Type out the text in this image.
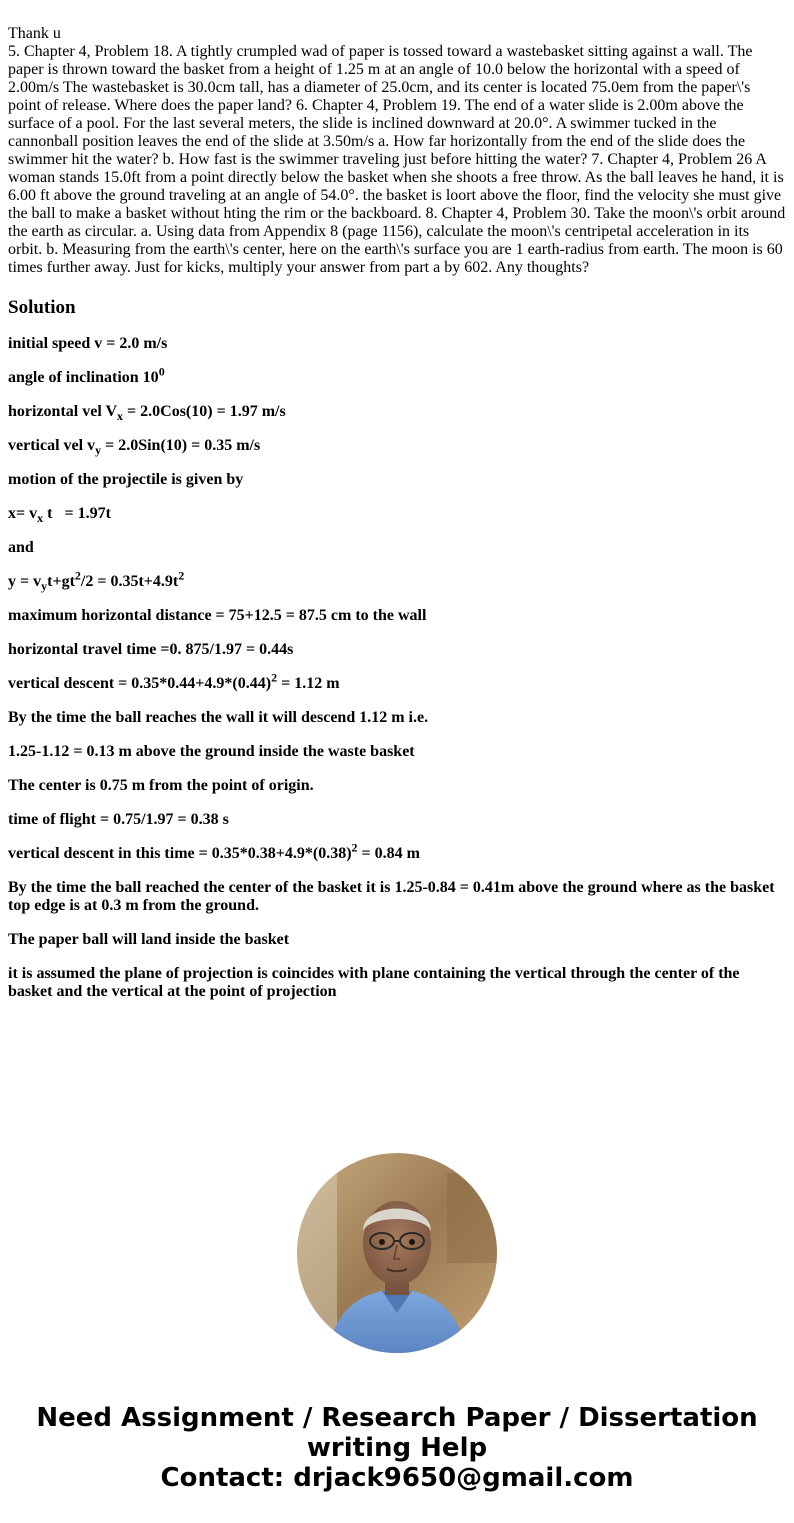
Thank u
5. Chapter 4, Problem 18. A tightly crumpled wad of paper is tossed toward a wastebasket sitting against a wall. The paper is thrown toward the basket from a height of 1.25 m at an angle of 10.0 below the horizontal with a speed of 2.00m/s The wastebasket is 30.0cm tall, has a diameter of 25.0cm, and its center is located 75.0em from the paper\'s point of release. Where does the paper land? 6. Chapter 4, Problem 19. The end of a water slide is 2.00m above the surface of a pool. For the last several meters, the slide is inclined downward at 20.0°. A swimmer tucked in the cannonball position leaves the end of the slide at 3.50m/s a. How far horizontally from the end of the slide does the swimmer hit the water? b. How fast is the swimmer traveling just before hitting the water? 7. Chapter 4, Problem 26 A woman stands 15.0ft from a point directly below the basket when she shoots a free throw. As the ball leaves he hand, it is 6.00 ft above the ground traveling at an angle of 54.0°. the basket is loort above the floor, find the velocity she must give the ball to make a basket without hting the rim or the backboard. 8. Chapter 4, Problem 30. Take the moon\'s orbit around the earth as circular. a. Using data from Appendix 8 (page 1156), calculate the moon\'s centripetal acceleration in its orbit. b. Measuring from the earth\'s center, here on the earth\'s surface you are 1 earth-radius from earth. The moon is 60 times further away. Just for kicks, multiply your answer from part a by 602. Any thoughts?

Solution

initial speed v = 2.0 m/s

angle of inclination $10^0$

horizontal vel $V_x = 2.0Cos(10) = 1.97$ m/s

vertical vel $v_y = 2.0Sin(10) = 0.35$ m/s

motion of the projectile is given by

$x= v_x$ t   = 1.97t

and

$y = v_yt+gt^2/2 = 0.35t+4.9t^2$

maximum horizontal distance = 75+12.5 = 87.5 cm to the wall

horizontal travel time =0. 875/1.97 = 0.44s

vertical descent = $0.35*0.44+4.9*(0.44)^2 = 1.12$ m

By the time the ball reaches the wall it will descend 1.12 m i.e.

1.25-1.12 = 0.13 m above the ground inside the waste basket

The center is 0.75 m from the point of origin.

time of flight = 0.75/1.97 = 0.38 s

vertical descent in this time = $0.35*0.38+4.9*(0.38)^2 = 0.84$ m

By the time the ball reached the center of the basket it is 1.25-0.84 = 0.41m above the ground where as the basket top edge is at 0.3 m from the ground.

The paper ball will land inside the basket

it is assumed the plane of projection is coincides with plane containing the vertical through the center of the basket and the vertical at the point of projection

Need Assignment / Research Paper / Dissertation
writing Help
Contact: drjack9650@gmail.com
